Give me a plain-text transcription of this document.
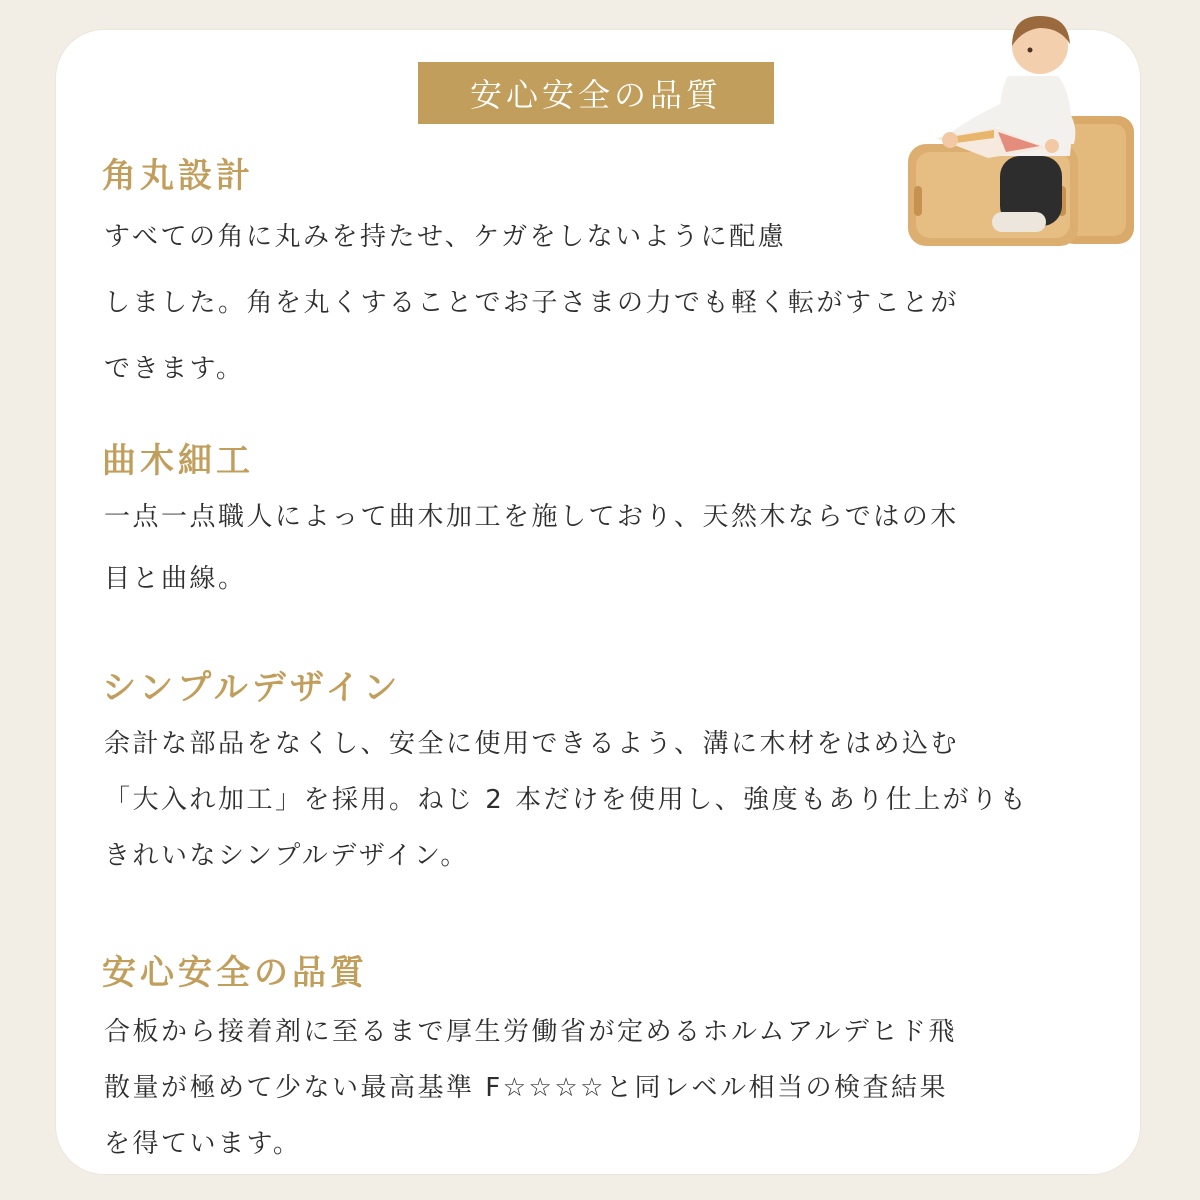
安心安全の品質
角丸設計

すべての角に丸みを持たせ、ケガをしないように配慮

しました。角を丸くすることでお子さまの力でも軽く転がすことが

できます。

曲木細工

一点一点職人によって曲木加工を施しており、天然木ならではの木

目と曲線。

シンプルデザイン

余計な部品をなくし、安全に使用できるよう、溝に木材をはめ込む

「大入れ加工」を採用。ねじ 2 本だけを使用し、強度もあり仕上がりも

きれいなシンプルデザイン。

安心安全の品質

合板から接着剤に至るまで厚生労働省が定めるホルムアルデヒド飛

散量が極めて少ない最高基準 F☆☆☆☆と同レベル相当の検査結果

を得ています。
